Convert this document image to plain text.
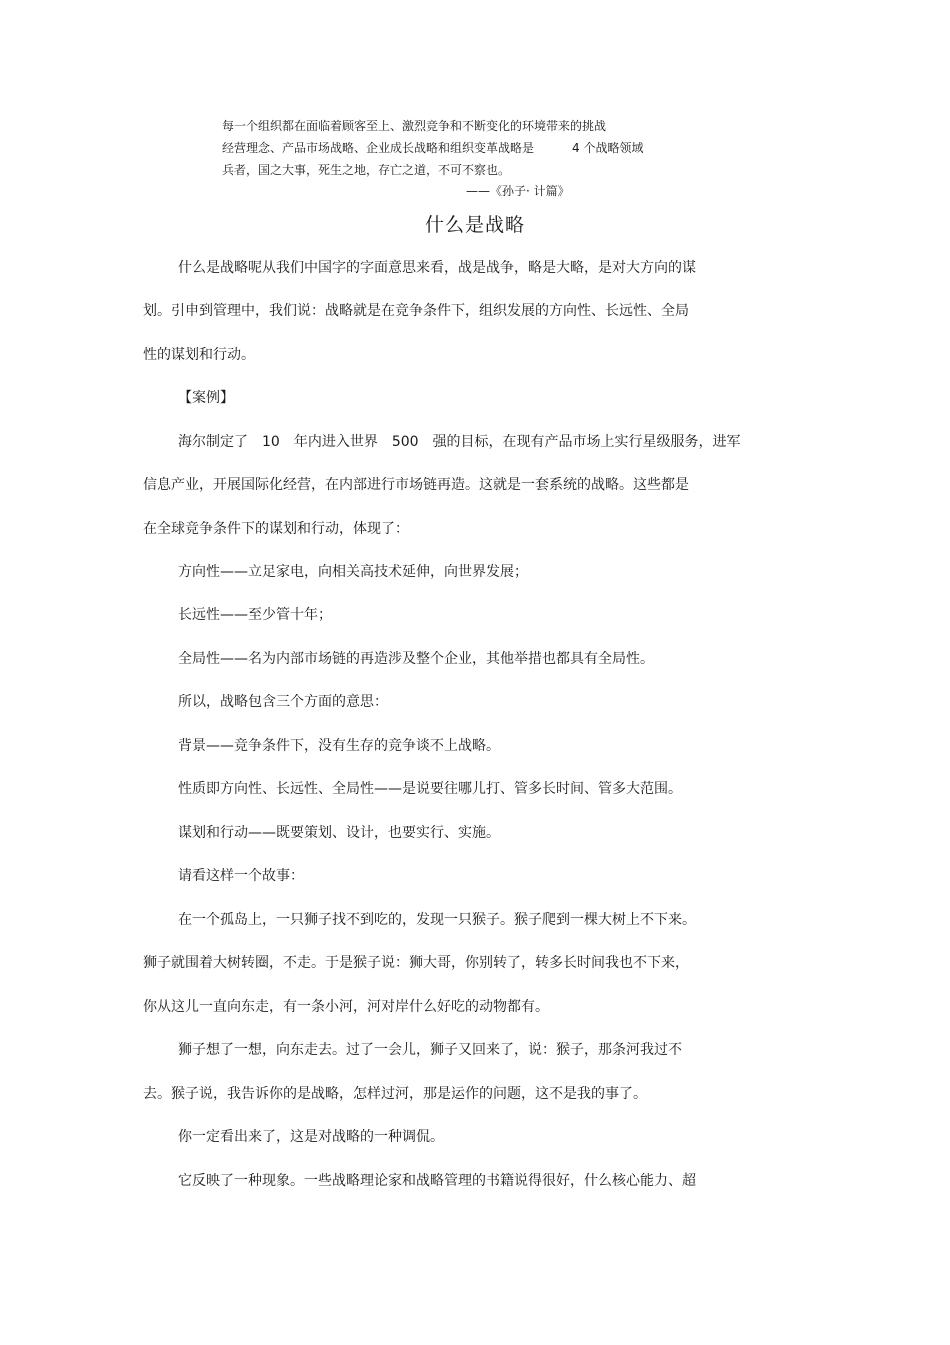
每一个组织都在面临着顾客至上、激烈竞争和不断变化的环境带来的挑战
经营理念、产品市场战略、企业成长战略和组织变革战略是	4 个战略领域
兵者，国之大事，死生之地，存亡之道，不可不察也。
——《孙子· 计篇》
什么是战略
什么是战略呢从我们中国字的字面意思来看，战是战争，略是大略，是对大方向的谋
划。引申到管理中，我们说：战略就是在竞争条件下，组织发展的方向性、长远性、全局
性的谋划和行动。
【案例】
海尔制定了 10 年内进入世界 500 强的目标，在现有产品市场上实行星级服务，进军
信息产业，开展国际化经营，在内部进行市场链再造。这就是一套系统的战略。这些都是
在全球竞争条件下的谋划和行动，体现了：
方向性——立足家电，向相关高技术延伸，向世界发展；
长远性——至少管十年；
全局性——名为内部市场链的再造涉及整个企业，其他举措也都具有全局性。
所以，战略包含三个方面的意思：
背景——竞争条件下，没有生存的竞争谈不上战略。
性质即方向性、长远性、全局性——是说要往哪儿打、管多长时间、管多大范围。
谋划和行动——既要策划、设计，也要实行、实施。
请看这样一个故事：
在一个孤岛上，一只狮子找不到吃的，发现一只猴子。猴子爬到一棵大树上不下来。
狮子就围着大树转圈，不走。于是猴子说：狮大哥，你别转了，转多长时间我也不下来，
你从这儿一直向东走，有一条小河，河对岸什么好吃的动物都有。
狮子想了一想，向东走去。过了一会儿，狮子又回来了，说：猴子，那条河我过不
去。猴子说，我告诉你的是战略，怎样过河，那是运作的问题，这不是我的事了。
你一定看出来了，这是对战略的一种调侃。
它反映了一种现象。一些战略理论家和战略管理的书籍说得很好，什么核心能力、超
